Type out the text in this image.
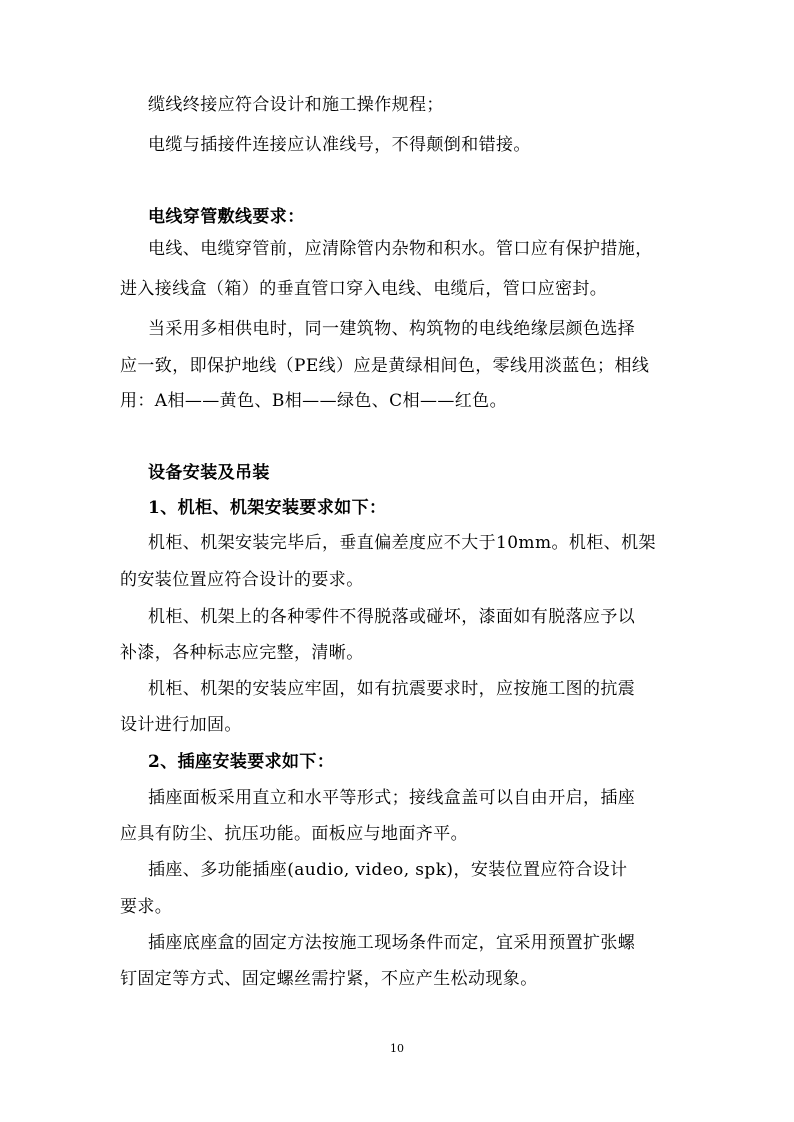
缆线终接应符合设计和施工操作规程；
电缆与插接件连接应认准线号，不得颠倒和错接。
电线穿管敷线要求：
电线、电缆穿管前，应清除管内杂物和积水。管口应有保护措施，
进入接线盒（箱）的垂直管口穿入电线、电缆后，管口应密封。
当采用多相供电时，同一建筑物、构筑物的电线绝缘层颜色选择
应一致，即保护地线（PE线）应是黄绿相间色，零线用淡蓝色；相线
用：A相——黄色、B相——绿色、C相——红色。
设备安装及吊装
1、机柜、机架安装要求如下：
机柜、机架安装完毕后，垂直偏差度应不大于10mm。机柜、机架
的安装位置应符合设计的要求。
机柜、机架上的各种零件不得脱落或碰坏，漆面如有脱落应予以
补漆，各种标志应完整，清晰。
机柜、机架的安装应牢固，如有抗震要求时，应按施工图的抗震
设计进行加固。
2、插座安装要求如下：
插座面板采用直立和水平等形式；接线盒盖可以自由开启，插座
应具有防尘、抗压功能。面板应与地面齐平。
插座、多功能插座(audio, video, spk)，安装位置应符合设计
要求。
插座底座盒的固定方法按施工现场条件而定，宜采用预置扩张螺
钉固定等方式、固定螺丝需拧紧，不应产生松动现象。
10
